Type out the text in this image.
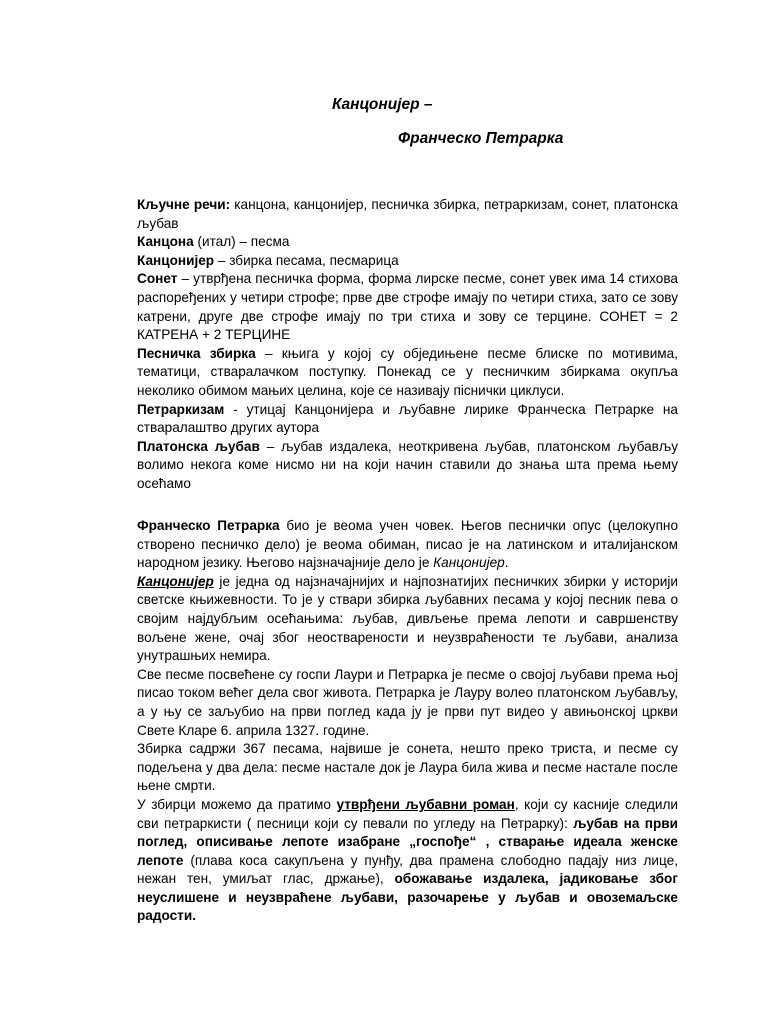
Канцонијер –
Франческо Петрарка

Кључне речи: канцона, канцонијер, песничка збирка, петраркизам, сонет, платонска љубав

Канцона (итал) – песма

Канцонијер – збирка песама, песмарица

Сонет – утврђена песничка форма, форма лирске песме, сонет увек има 14 стихова распоређених у четири строфе; прве две строфе имају по четири стиха, зато се зову катрени, друге две строфе имају по три стиха и зову се терцине. СОНЕТ = 2 КАТРЕНА + 2 ТЕРЦИНЕ

Песничка збирка – књига у којој су обједињене песме блиске по мотивима, тематици, стваралачком поступку. Понекад се у песничким збиркама окупља неколико обимом мањих целина, које се називају піснички циклуси.

Петраркизам - утицај Канцонијера и љубавне лирике Франческа Петрарке на стваралаштво других аутора

Платонска љубав – љубав издалека, неоткривена љубав, платонском љубављу волимо некога коме нисмо ни на који начин ставили до знања шта према њему осећамо

Франческо Петрарка био је веома учен човек. Његов песнички опус (целокупно створено песничко дело) је веома обиман, писао је на латинском и италијанском народном језику. Његово најзначајније дело је Канцонијер.

Канцонијер је једна од најзначајнијих и најпознатијих песничких збирки у историји светске књижевности. То је у ствари збирка љубавних песама у којој песник пева о својим најдубљим осећањима: љубав, дивљење према лепоти и савршенству вољене жене, очај због неостварености и неузвраћености те љубави, анализа унутрашњих немира.

Све песме посвећене су госпи Лаури и Петрарка је песме о својој љубави према њој писао током већег дела свог живота. Петрарка је Лауру волео платонском љубављу, а у њу се заљубио на први поглед када ју је први пут видео у авињонској цркви Свете Кларе 6. априла 1327. године.

Збирка садржи 367 песама, највише је сонета, нешто преко триста, и песме су подељена у два дела: песме настале док је Лаура била жива и песме настале после њене смрти.

У збирци можемо да пратимо утврђени љубавни роман, који су касније следили сви петраркисти ( песници који су певали по угледу на Петрарку): љубав на први поглед, описивање лепоте изабране „госпође“ , стварање идеала женске лепоте (плава коса сакупљена у пунђу, два прамена слободно падају низ лице, нежан тен, умиљат глас, држање), обожавање издалека, јадиковање због неуслишене и неузвраћене љубави, разочарење у љубав и овоземаљске радости.
